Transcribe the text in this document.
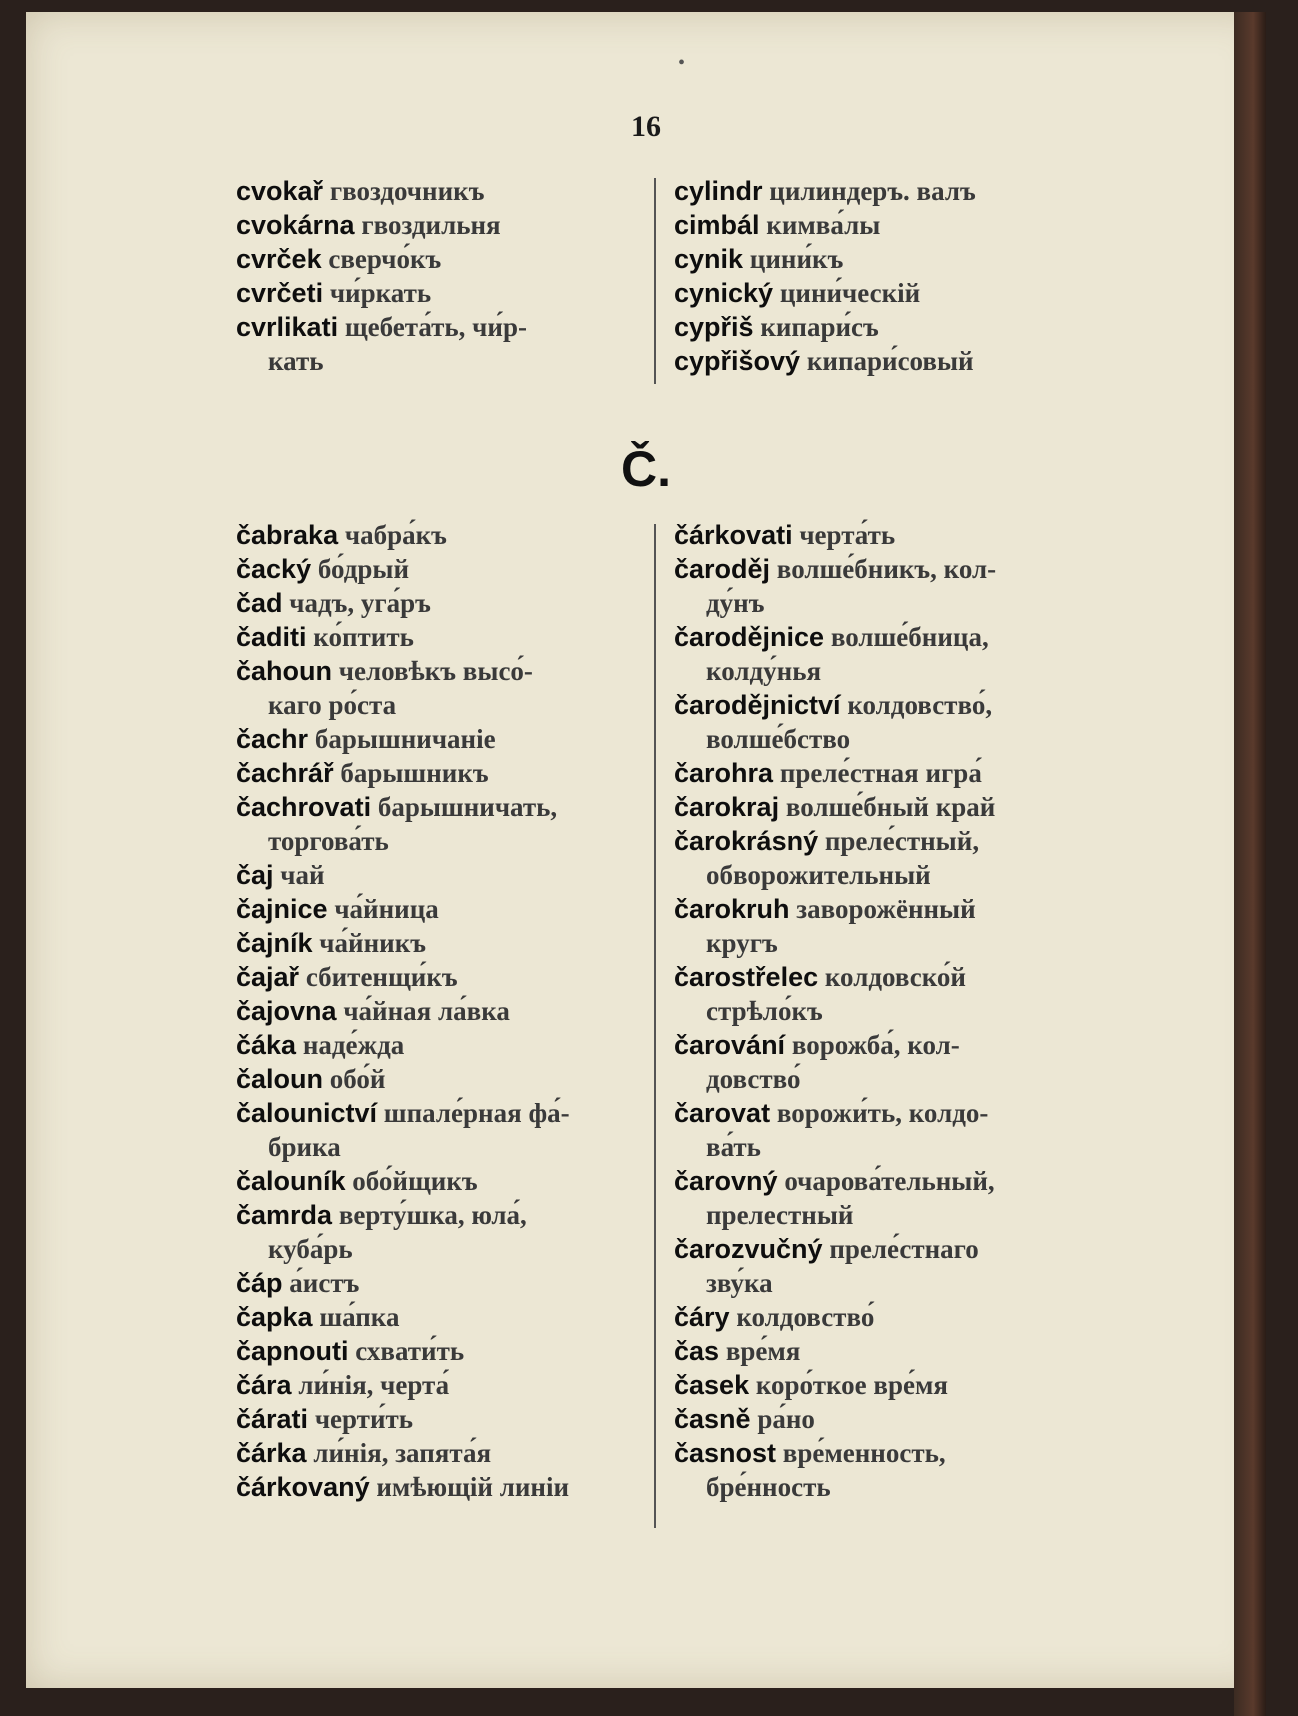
•
16
cvokař гвоздочникъ
cvokárna гвоздильня
cvrček сверчо́къ
cvrčeti чи́ркать
cvrlikati щебета́ть, чи́р-
кать
cylindr цилиндеръ. валъ
cimbál кимва́лы
cynik цини́къ
cynický цини́ческiй
cypřiš кипари́съ
cypřišový кипари́совый
Č.
čabraka чабра́къ
čacký бо́дрый
čad чадъ, уга́ръ
čaditi ко́птить
čahoun человѣкъ высо́-
каго ро́ста
čachr барышничанiе
čachrář барышникъ
čachrovati барышничать,
торгова́ть
čaj чай
čajnice ча́йница
čajník ча́йникъ
čajař сбитенщи́къ
čajovna ча́йная ла́вка
čáka наде́жда
čaloun обо́й
čalounictví шпале́рная фа́-
брика
čalouník обо́йщикъ
čamrda верту́шка, юла́,
куба́рь
čáp а́истъ
čapka ша́пка
čapnouti схвати́ть
čára ли́нiя, черта́
čárati черти́ть
čárka ли́нiя, запята́я
čárkovaný имѣющiй линiи
čárkovati черта́ть
čaroděj волше́бникъ, кол-
ду́нъ
čarodějnice волше́бница,
колду́нья
čarodějnictví колдовство́,
волше́бство
čarohra преле́стная игра́
čarokraj волше́бный край
čarokrásný преле́стный,
обворожительный
čarokruh заворожённый
кругъ
čarostřelec колдовско́й
стрѣло́къ
čarování ворожба́, кол-
довство́
čarovat ворожи́ть, колдо-
ва́ть
čarovný очарова́тельный,
прелестный
čarozvučný преле́стнаго
зву́ка
čáry колдовство́
čas вре́мя
časek коро́ткое вре́мя
časně ра́но
časnost вре́менность,
бре́нность
